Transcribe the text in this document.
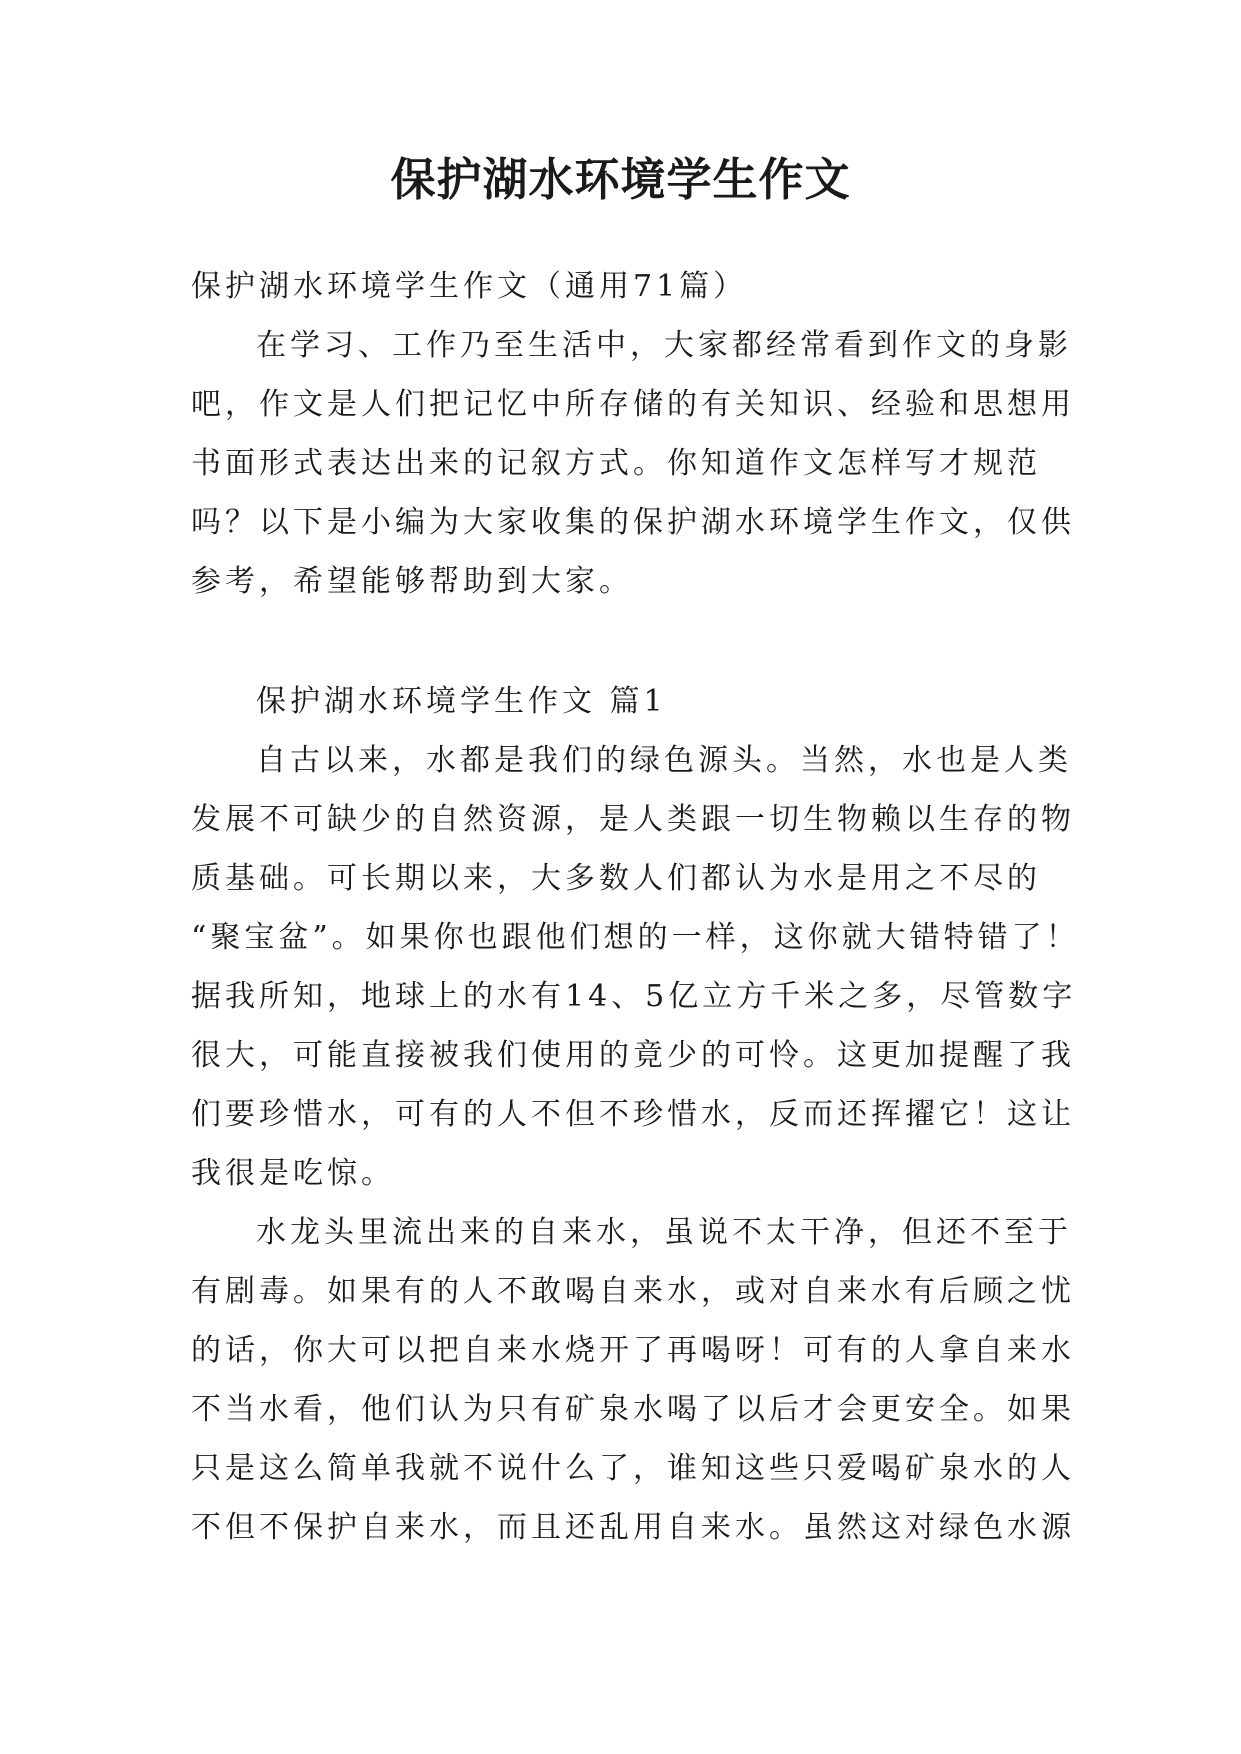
保护湖水环境学生作文
保护湖水环境学生作文（通用71篇）
在学习、工作乃至生活中，大家都经常看到作文的身影
吧，作文是人们把记忆中所存储的有关知识、经验和思想用
书面形式表达出来的记叙方式。你知道作文怎样写才规范
吗？以下是小编为大家收集的保护湖水环境学生作文，仅供
参考，希望能够帮助到大家。
保护湖水环境学生作文 篇1
自古以来，水都是我们的绿色源头。当然，水也是人类
发展不可缺少的自然资源，是人类跟一切生物赖以生存的物
质基础。可长期以来，大多数人们都认为水是用之不尽的
“聚宝盆”。如果你也跟他们想的一样，这你就大错特错了！
据我所知，地球上的水有14、5亿立方千米之多，尽管数字
很大，可能直接被我们使用的竟少的可怜。这更加提醒了我
们要珍惜水，可有的人不但不珍惜水，反而还挥擢它！这让
我很是吃惊。
水龙头里流出来的自来水，虽说不太干净，但还不至于
有剧毒。如果有的人不敢喝自来水，或对自来水有后顾之忧
的话，你大可以把自来水烧开了再喝呀！可有的人拿自来水
不当水看，他们认为只有矿泉水喝了以后才会更安全。如果
只是这么简单我就不说什么了，谁知这些只爱喝矿泉水的人
不但不保护自来水，而且还乱用自来水。虽然这对绿色水源
